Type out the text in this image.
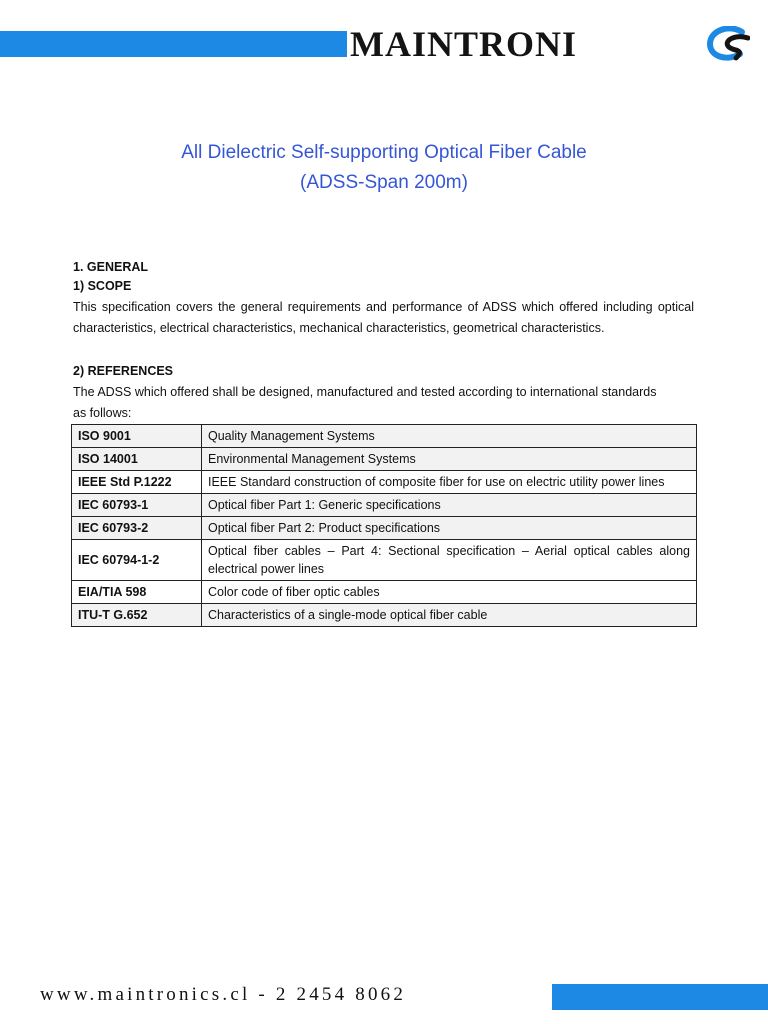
MAINTRONI
All Dielectric Self-supporting Optical Fiber Cable
(ADSS-Span 200m)
1. GENERAL
1) SCOPE
This specification covers the general requirements and performance of ADSS which offered including optical characteristics, electrical characteristics, mechanical characteristics, geometrical characteristics.
2) REFERENCES
The ADSS which offered shall be designed, manufactured and tested according to international standards as follows:
ISO 9001	Quality Management Systems
ISO 14001	Environmental Management Systems
IEEE Std P.1222	IEEE Standard construction of composite fiber for use on electric utility power lines
IEC 60793-1	Optical fiber Part 1: Generic specifications
IEC 60793-2	Optical fiber Part 2: Product specifications
IEC 60794-1-2	Optical fiber cables – Part 4: Sectional specification – Aerial optical cables along electrical power lines
EIA/TIA 598	Color code of fiber optic cables
ITU-T G.652	Characteristics of a single-mode optical fiber cable
www.maintronics.cl - 2 2454 8062
